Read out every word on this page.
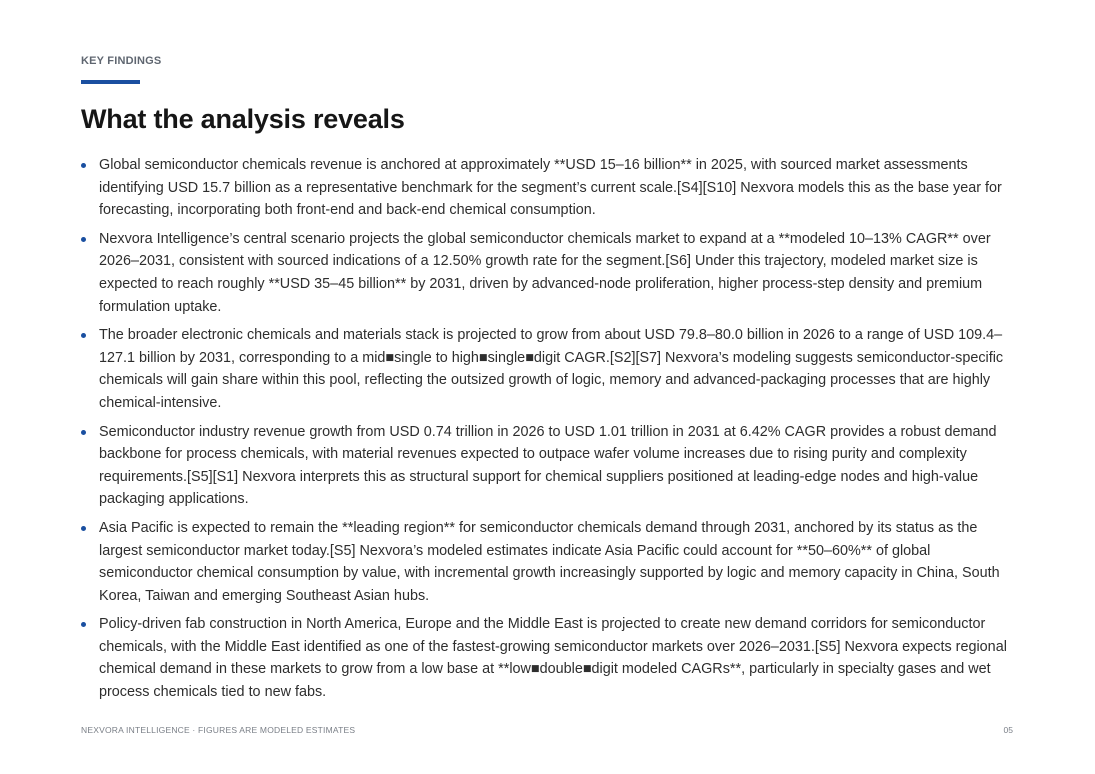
KEY FINDINGS
What the analysis reveals
Global semiconductor chemicals revenue is anchored at approximately **USD 15–16 billion** in 2025, with sourced market assessments identifying USD 15.7 billion as a representative benchmark for the segment’s current scale.[S4][S10] Nexvora models this as the base year for forecasting, incorporating both front-end and back-end chemical consumption.
Nexvora Intelligence’s central scenario projects the global semiconductor chemicals market to expand at a **modeled 10–13% CAGR** over 2026–2031, consistent with sourced indications of a 12.50% growth rate for the segment.[S6] Under this trajectory, modeled market size is expected to reach roughly **USD 35–45 billion** by 2031, driven by advanced-node proliferation, higher process-step density and premium formulation uptake.
The broader electronic chemicals and materials stack is projected to grow from about USD 79.8–80.0 billion in 2026 to a range of USD 109.4–127.1 billion by 2031, corresponding to a mid■single to high■single■digit CAGR.[S2][S7] Nexvora’s modeling suggests semiconductor-specific chemicals will gain share within this pool, reflecting the outsized growth of logic, memory and advanced-packaging processes that are highly chemical-intensive.
Semiconductor industry revenue growth from USD 0.74 trillion in 2026 to USD 1.01 trillion in 2031 at 6.42% CAGR provides a robust demand backbone for process chemicals, with material revenues expected to outpace wafer volume increases due to rising purity and complexity requirements.[S5][S1] Nexvora interprets this as structural support for chemical suppliers positioned at leading-edge nodes and high-value packaging applications.
Asia Pacific is expected to remain the **leading region** for semiconductor chemicals demand through 2031, anchored by its status as the largest semiconductor market today.[S5] Nexvora’s modeled estimates indicate Asia Pacific could account for **50–60%** of global semiconductor chemical consumption by value, with incremental growth increasingly supported by logic and memory capacity in China, South Korea, Taiwan and emerging Southeast Asian hubs.
Policy-driven fab construction in North America, Europe and the Middle East is projected to create new demand corridors for semiconductor chemicals, with the Middle East identified as one of the fastest-growing semiconductor markets over 2026–2031.[S5] Nexvora expects regional chemical demand in these markets to grow from a low base at **low■double■digit modeled CAGRs**, particularly in specialty gases and wet process chemicals tied to new fabs.
NEXVORA INTELLIGENCE · FIGURES ARE MODELED ESTIMATES	05
